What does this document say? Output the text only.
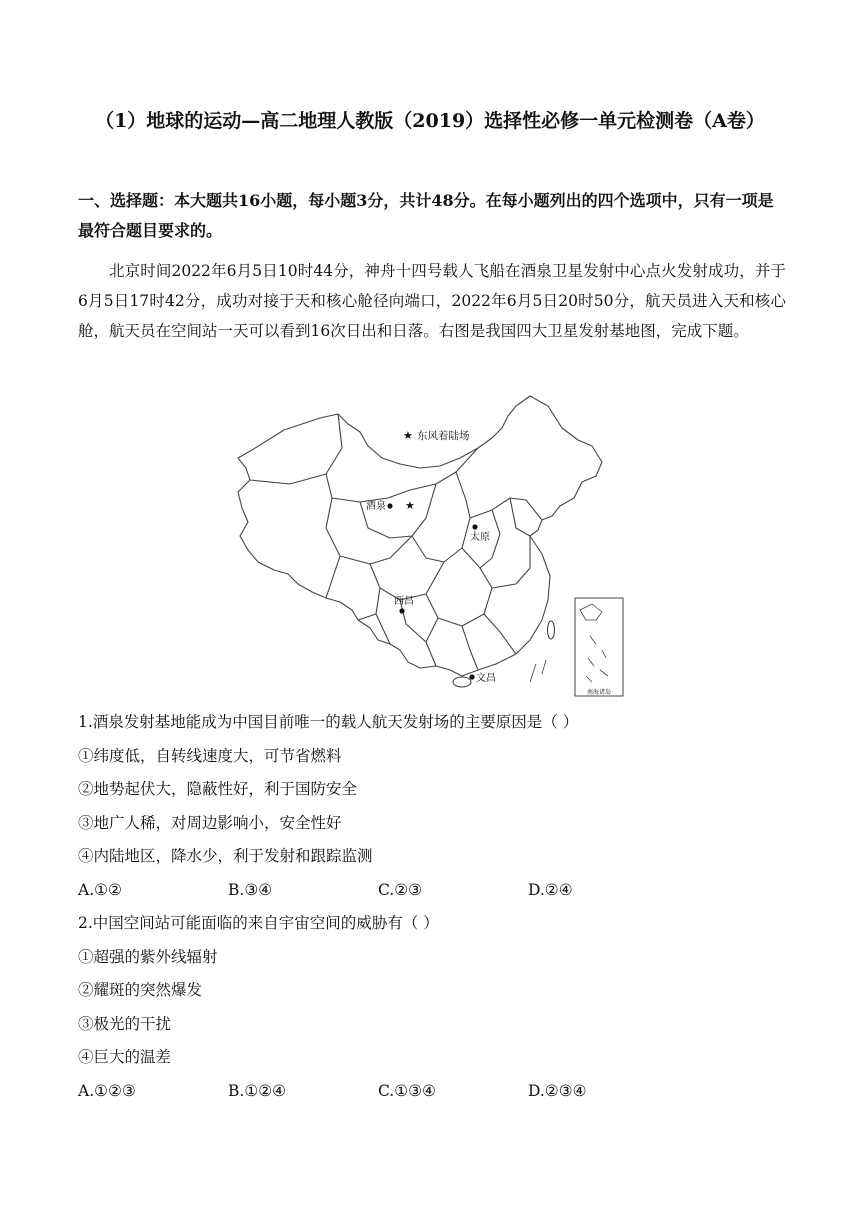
（1）地球的运动—高二地理人教版（2019）选择性必修一单元检测卷（A卷）
一、选择题：本大题共16小题，每小题3分，共计48分。在每小题列出的四个选项中，只有一项是最符合题目要求的。
北京时间2022年6月5日10时44分，神舟十四号载人飞船在酒泉卫星发射中心点火发射成功，并于6月5日17时42分，成功对接于天和核心舱径向端口，2022年6月5日20时50分，航天员进入天和核心舱，航天员在空间站一天可以看到16次日出和日落。右图是我国四大卫星发射基地图，完成下题。
★
★
东风着陆场
酒泉
太原
西昌
文昌
南海诸岛
1.酒泉发射基地能成为中国目前唯一的载人航天发射场的主要原因是（ ）
①纬度低，自转线速度大，可节省燃料
②地势起伏大，隐蔽性好，利于国防安全
③地广人稀，对周边影响小，安全性好
④内陆地区，降水少，利于发射和跟踪监测
A.①②	B.③④	C.②③	D.②④
2.中国空间站可能面临的来自宇宙空间的威胁有（ ）
①超强的紫外线辐射
②耀斑的突然爆发
③极光的干扰
④巨大的温差
A.①②③	B.①②④	C.①③④	D.②③④
